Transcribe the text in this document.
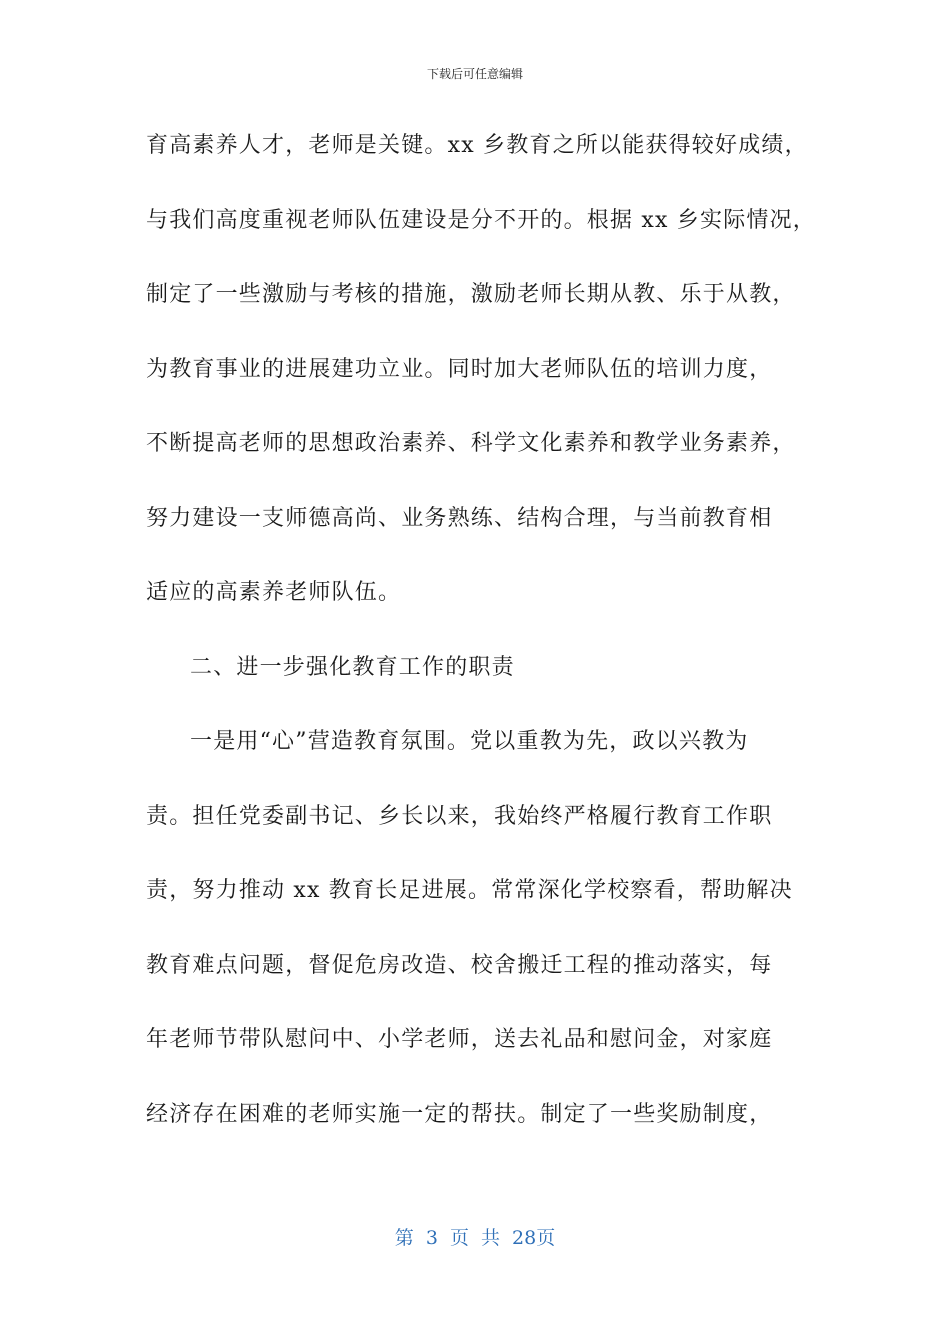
下载后可任意编辑
育高素养人才，老师是关键。xx 乡教育之所以能获得较好成绩，
与我们高度重视老师队伍建设是分不开的。根据 xx 乡实际情况，
制定了一些激励与考核的措施，激励老师长期从教、乐于从教，
为教育事业的进展建功立业。同时加大老师队伍的培训力度，
不断提高老师的思想政治素养、科学文化素养和教学业务素养，
努力建设一支师德高尚、业务熟练、结构合理，与当前教育相
适应的高素养老师队伍。
二、进一步强化教育工作的职责
一是用“心”营造教育氛围。党以重教为先，政以兴教为
责。担任党委副书记、乡长以来，我始终严格履行教育工作职
责，努力推动 xx 教育长足进展。常常深化学校察看，帮助解决
教育难点问题，督促危房改造、校舍搬迁工程的推动落实，每
年老师节带队慰问中、小学老师，送去礼品和慰问金，对家庭
经济存在困难的老师实施一定的帮扶。制定了一些奖励制度，
第 3 页 共 28页
